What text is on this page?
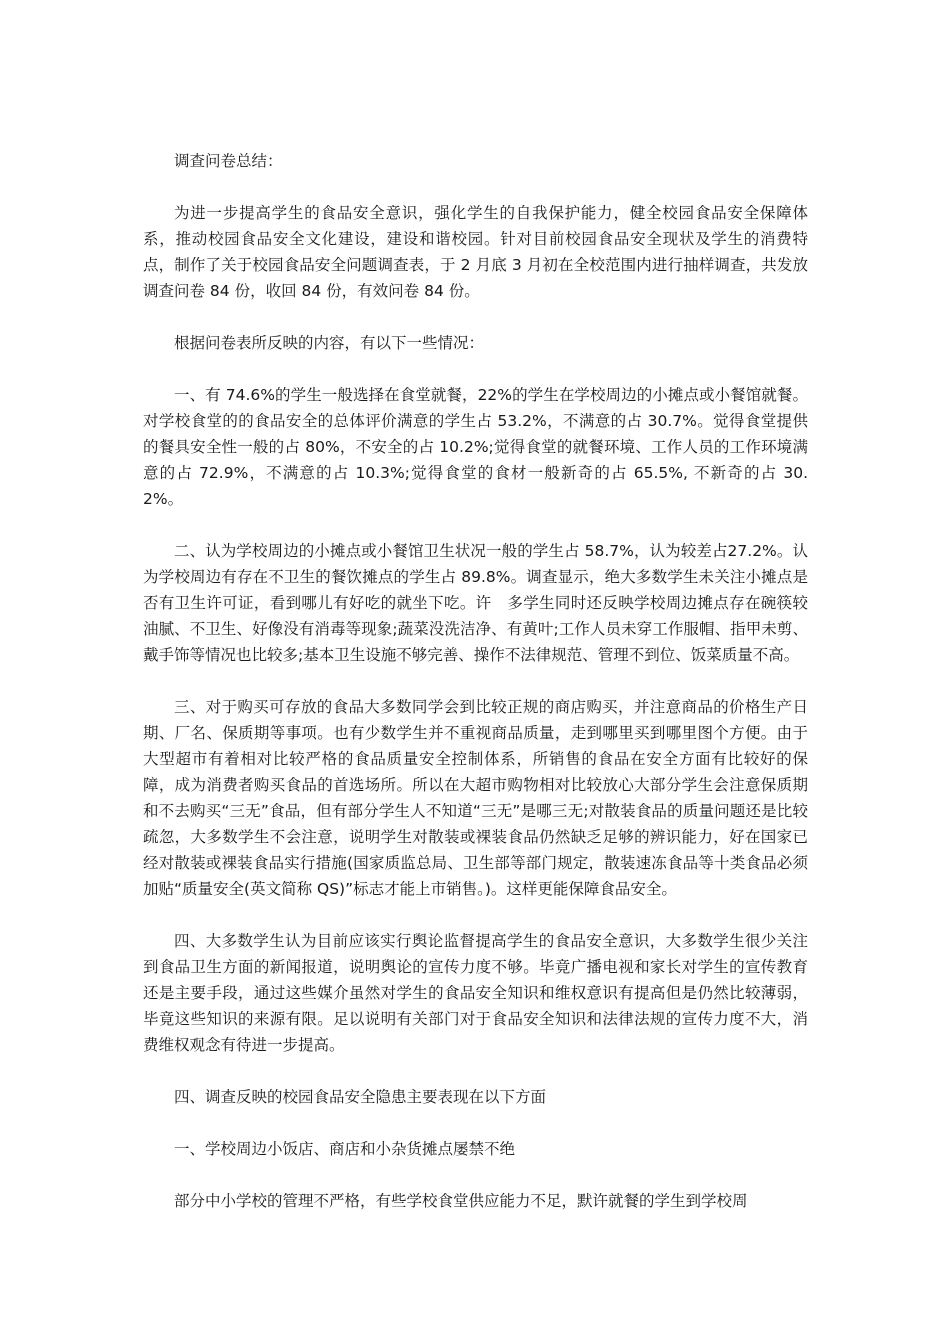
调查问卷总结：

为进一步提高学生的食品安全意识，强化学生的自我保护能力，健全校园食品安全保障体系，推动校园食品安全文化建设，建设和谐校园。针对目前校园食品安全现状及学生的消费特点，制作了关于校园食品安全问题调查表，于 2 月底 3 月初在全校范围内进行抽样调查，共发放调查问卷 84 份，收回 84 份，有效问卷 84 份。

根据问卷表所反映的内容，有以下一些情况：

一、有 74.6%的学生一般选择在食堂就餐，22%的学生在学校周边的小摊点或小餐馆就餐。对学校食堂的的食品安全的总体评价满意的学生占 53.2%，不满意的占 30.7%。觉得食堂提供的餐具安全性一般的占 80%，不安全的占 10.2%;觉得食堂的就餐环境、工作人员的工作环境满意的占 72.9%，不满意的占 10.3%;觉得食堂的食材一般新奇的占 65.5%, 不新奇的占 30.2%。

二、认为学校周边的小摊点或小餐馆卫生状况一般的学生占 58.7%，认为较差占27.2%。认为学校周边有存在不卫生的餐饮摊点的学生占 89.8%。调查显示，绝大多数学生未关注小摊点是否有卫生许可证，看到哪儿有好吃的就坐下吃。许　多学生同时还反映学校周边摊点存在碗筷较油腻、不卫生、好像没有消毒等现象;蔬菜没洗洁净、有黄叶;工作人员未穿工作服帽、指甲未剪、戴手饰等情况也比较多;基本卫生设施不够完善、操作不法律规范、管理不到位、饭菜质量不高。

三、对于购买可存放的食品大多数同学会到比较正规的商店购买，并注意商品的价格生产日期、厂名、保质期等事项。也有少数学生并不重视商品质量，走到哪里买到哪里图个方便。由于大型超市有着相对比较严格的食品质量安全控制体系，所销售的食品在安全方面有比较好的保障，成为消费者购买食品的首选场所。所以在大超市购物相对比较放心大部分学生会注意保质期和不去购买“三无”食品，但有部分学生人不知道“三无”是哪三无;对散装食品的质量问题还是比较疏忽，大多数学生不会注意，说明学生对散装或裸装食品仍然缺乏足够的辨识能力，好在国家已经对散装或裸装食品实行措施(国家质监总局、卫生部等部门规定，散装速冻食品等十类食品必须加贴“质量安全(英文简称 QS)”标志才能上市销售。)。这样更能保障食品安全。

四、大多数学生认为目前应该实行舆论监督提高学生的食品安全意识，大多数学生很少关注到食品卫生方面的新闻报道，说明舆论的宣传力度不够。毕竟广播电视和家长对学生的宣传教育还是主要手段，通过这些媒介虽然对学生的食品安全知识和维权意识有提高但是仍然比较薄弱，毕竟这些知识的来源有限。足以说明有关部门对于食品安全知识和法律法规的宣传力度不大，消费维权观念有待进一步提高。

四、调查反映的校园食品安全隐患主要表现在以下方面

一、学校周边小饭店、商店和小杂货摊点屡禁不绝

部分中小学校的管理不严格，有些学校食堂供应能力不足，默许就餐的学生到学校周
